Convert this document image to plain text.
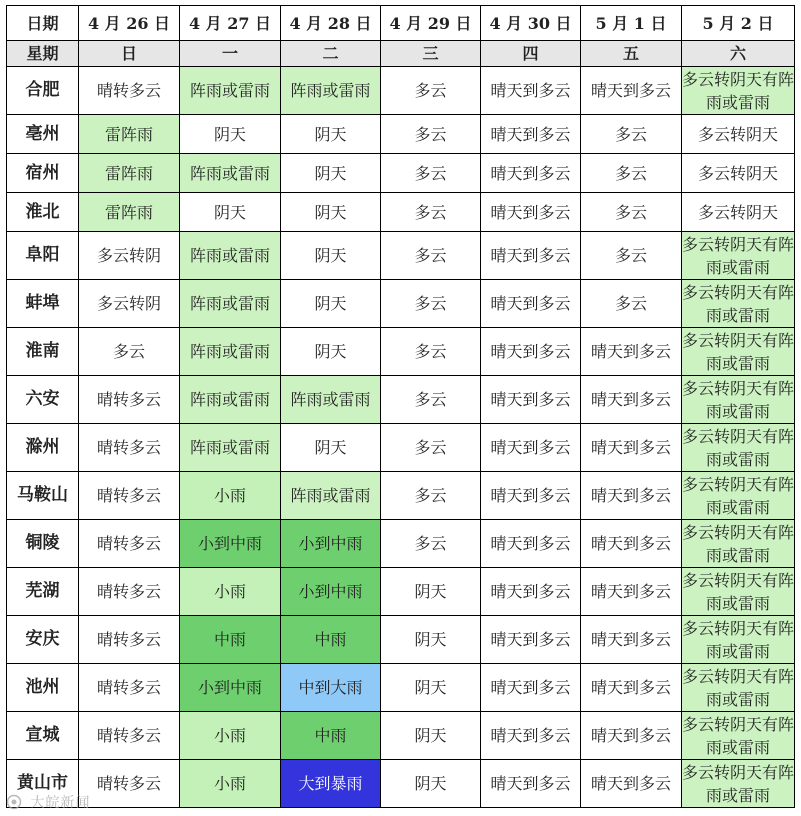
日期	4 月 26 日	4 月 27 日	4 月 28 日	4 月 29 日	4 月 30 日	5 月 1 日	5 月 2 日
星期	日	一	二	三	四	五	六
合肥	晴转多云	阵雨或雷雨	阵雨或雷雨	多云	晴天到多云	晴天到多云	多云转阴天有阵雨或雷雨
亳州	雷阵雨	阴天	阴天	多云	晴天到多云	多云	多云转阴天
宿州	雷阵雨	阵雨或雷雨	阴天	多云	晴天到多云	多云	多云转阴天
淮北	雷阵雨	阴天	阴天	多云	晴天到多云	多云	多云转阴天
阜阳	多云转阴	阵雨或雷雨	阴天	多云	晴天到多云	多云	多云转阴天有阵雨或雷雨
蚌埠	多云转阴	阵雨或雷雨	阴天	多云	晴天到多云	多云	多云转阴天有阵雨或雷雨
淮南	多云	阵雨或雷雨	阴天	多云	晴天到多云	晴天到多云	多云转阴天有阵雨或雷雨
六安	晴转多云	阵雨或雷雨	阵雨或雷雨	多云	晴天到多云	晴天到多云	多云转阴天有阵雨或雷雨
滁州	晴转多云	阵雨或雷雨	阴天	多云	晴天到多云	晴天到多云	多云转阴天有阵雨或雷雨
马鞍山	晴转多云	小雨	阵雨或雷雨	多云	晴天到多云	晴天到多云	多云转阴天有阵雨或雷雨
铜陵	晴转多云	小到中雨	小到中雨	多云	晴天到多云	晴天到多云	多云转阴天有阵雨或雷雨
芜湖	晴转多云	小雨	小到中雨	阴天	晴天到多云	晴天到多云	多云转阴天有阵雨或雷雨
安庆	晴转多云	中雨	中雨	阴天	晴天到多云	晴天到多云	多云转阴天有阵雨或雷雨
池州	晴转多云	小到中雨	中到大雨	阴天	晴天到多云	晴天到多云	多云转阴天有阵雨或雷雨
宣城	晴转多云	小雨	中雨	阴天	晴天到多云	晴天到多云	多云转阴天有阵雨或雷雨
黄山市	晴转多云	小雨	大到暴雨	阴天	晴天到多云	晴天到多云	多云转阴天有阵雨或雷雨
大皖新闻
